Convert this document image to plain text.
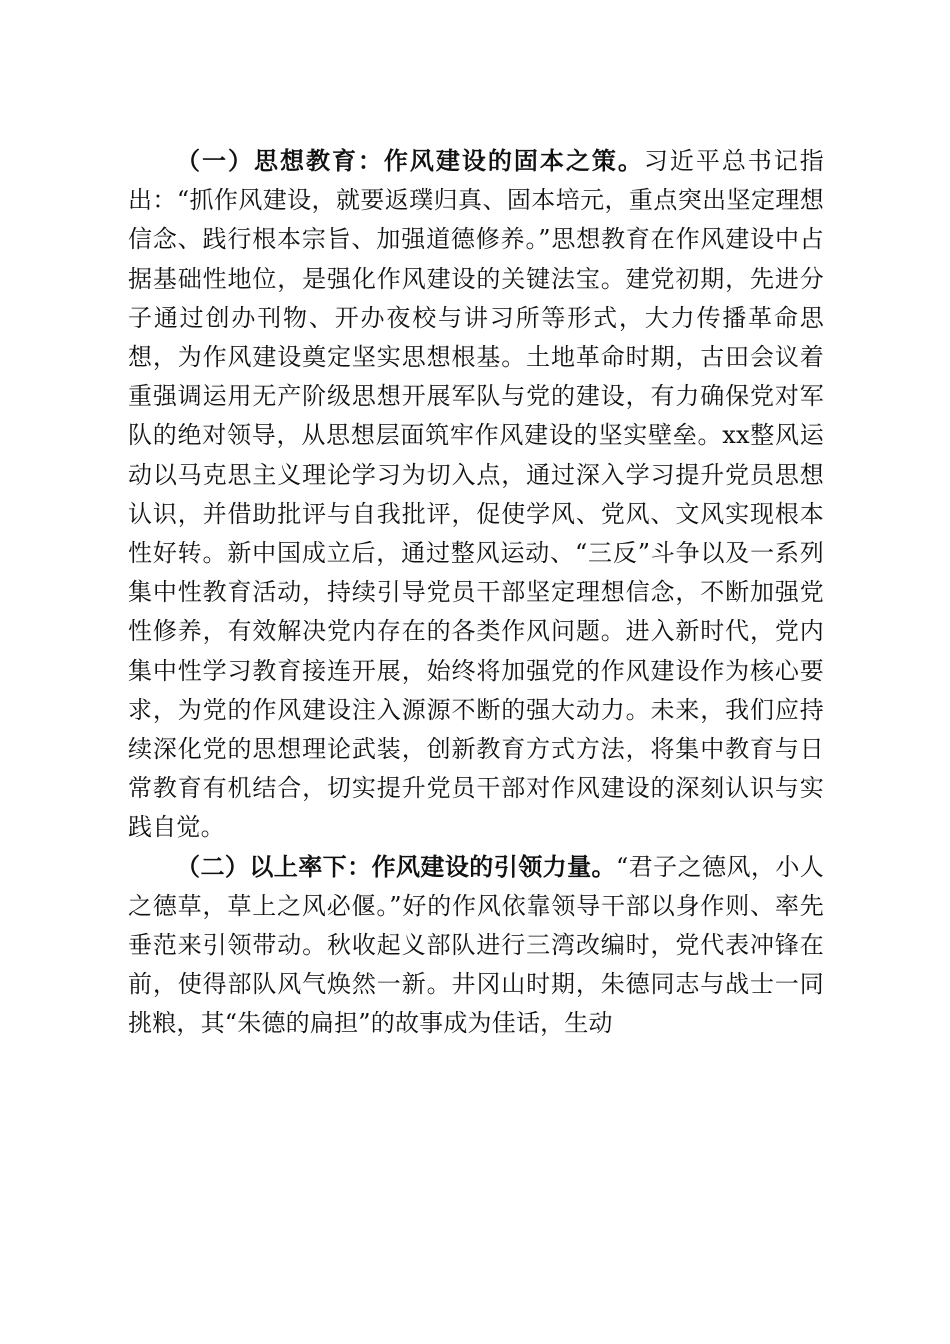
（一）思想教育：作风建设的固本之策。习近平总书记指出：“抓作风建设，就要返璞归真、固本培元，重点突出坚定理想信念、践行根本宗旨、加强道德修养。”思想教育在作风建设中占据基础性地位，是强化作风建设的关键法宝。建党初期，先进分子通过创办刊物、开办夜校与讲习所等形式，大力传播革命思想，为作风建设奠定坚实思想根基。土地革命时期，古田会议着重强调运用无产阶级思想开展军队与党的建设，有力确保党对军队的绝对领导，从思想层面筑牢作风建设的坚实壁垒。xx整风运动以马克思主义理论学习为切入点，通过深入学习提升党员思想认识，并借助批评与自我批评，促使学风、党风、文风实现根本性好转。新中国成立后，通过整风运动、“三反”斗争以及一系列集中性教育活动，持续引导党员干部坚定理想信念，不断加强党性修养，有效解决党内存在的各类作风问题。进入新时代，党内集中性学习教育接连开展，始终将加强党的作风建设作为核心要求，为党的作风建设注入源源不断的强大动力。未来，我们应持续深化党的思想理论武装，创新教育方式方法，将集中教育与日常教育有机结合，切实提升党员干部对作风建设的深刻认识与实践自觉。

（二）以上率下：作风建设的引领力量。“君子之德风，小人之德草，草上之风必偃。”好的作风依靠领导干部以身作则、率先垂范来引领带动。秋收起义部队进行三湾改编时，党代表冲锋在前，使得部队风气焕然一新。井冈山时期，朱德同志与战士一同挑粮，其“朱德的扁担”的故事成为佳话，生动
